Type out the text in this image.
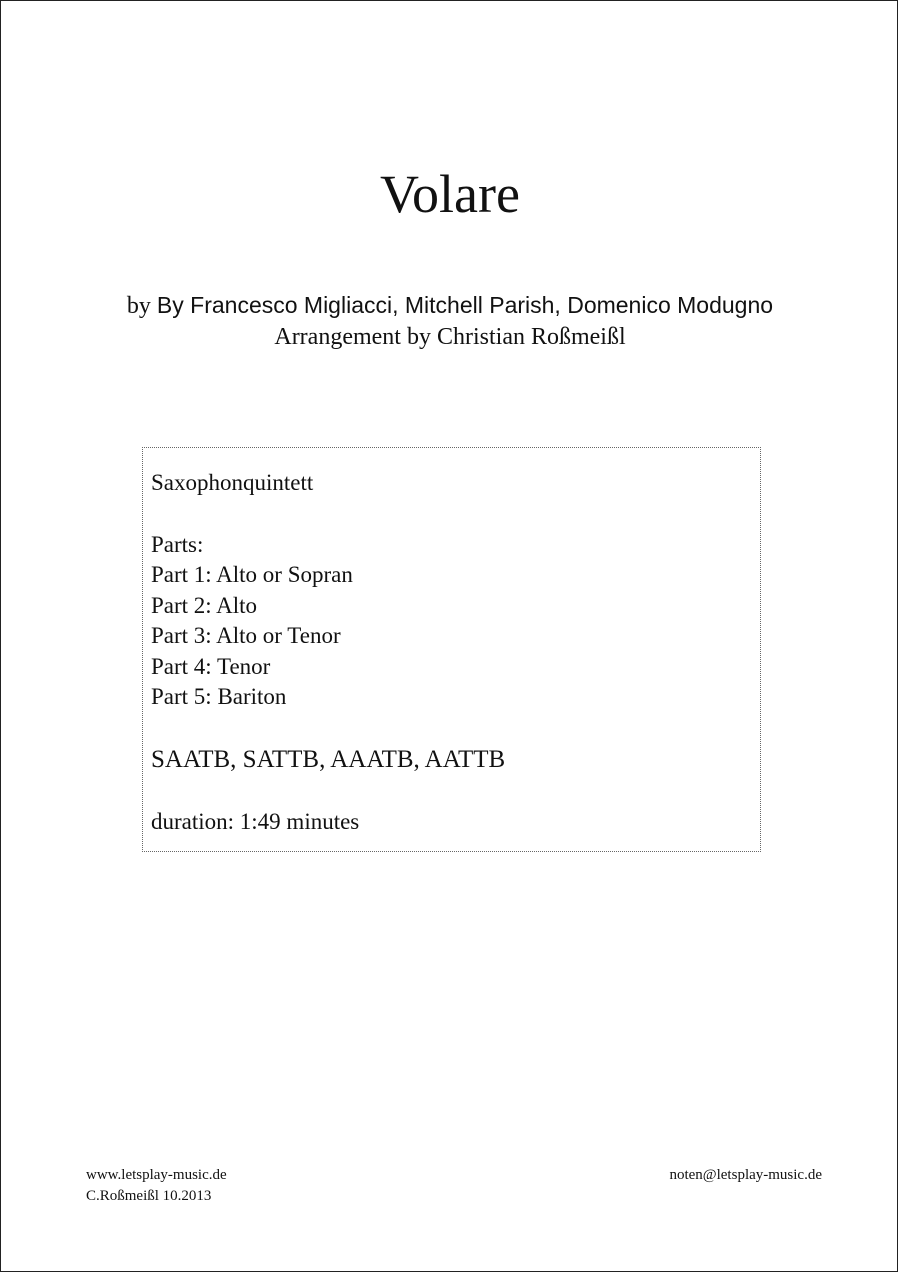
Volare
by By Francesco Migliacci, Mitchell Parish, Domenico Modugno
Arrangement by Christian Roßmeißl
Saxophonquintett
Parts:
Part 1: Alto or Sopran
Part 2: Alto
Part 3: Alto or Tenor
Part 4: Tenor
Part 5: Bariton
SAATB, SATTB, AAATB, AATTB
duration: 1:49 minutes
www.letsplay-music.de
C.Roßmeißl 10.2013
noten@letsplay-music.de
